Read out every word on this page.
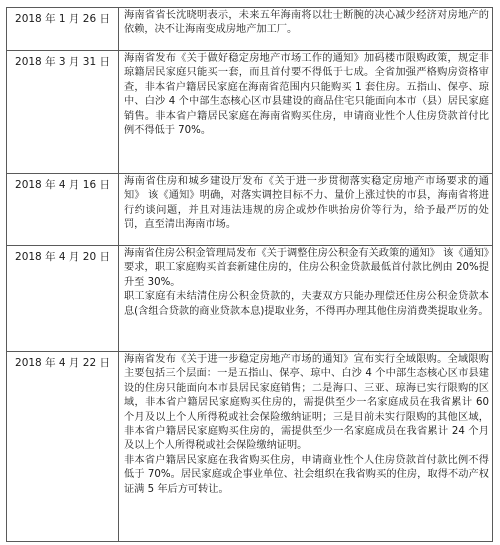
2018 年 1 月 26 日	海南省省长沈晓明表示，未来五年海南将以壮士断腕的决心减少经济对房地产的依赖，决不让海南变成房地产加工厂。

2018 年 3 月 31 日	海南省发布《关于做好稳定房地产市场工作的通知》加码楼市限购政策，规定非琼籍居民家庭只能买一套，而且首付要不得低于七成。全省加强严格购房资格审查，非本省户籍居民家庭在海南省范围内只能购买 1 套住房。五指山、保亭、琼中、白沙 4 个中部生态核心区市县建设的商品住宅只能面向本市（县）居民家庭销售。非本省户籍居民家庭在海南省购买住房，申请商业性个人住房贷款首付比例不得低于 70%。

2018 年 4 月 16 日	海南省住房和城乡建设厅发布《关于进一步贯彻落实稳定房地产市场要求的通知》 该《通知》明确，对落实调控目标不力、量价上涨过快的市县，海南省将进行约谈问题，并且对违法违规的房企或炒作哄抬房价等行为，给予最严厉的处罚，直至清出海南市场。

2018 年 4 月 20 日	海南省住房公积金管理局发布《关于调整住房公积金有关政策的通知》 该《通知》要求，职工家庭购买首套新建住房的，住房公积金贷款最低首付款比例由 20%提升至 30%。

职工家庭有未结清住房公积金贷款的，夫妻双方只能办理偿还住房公积金贷款本息(含组合贷款的商业贷款本息)提取业务，不得再办理其他住房消费类提取业务。

2018 年 4 月 22 日	海南省发布《关于进一步稳定房地产市场的通知》宣布实行全域限购。全域限购主要包括三个层面：一是五指山、保亭、琼中、白沙 4 个中部生态核心区市县建设的住房只能面向本市县居民家庭销售；二是海口、三亚、琼海已实行限购的区域，非本省户籍居民家庭购买住房的，需提供至少一名家庭成员在我省累计 60 个月及以上个人所得税或社会保险缴纳证明；三是目前未实行限购的其他区域，非本省户籍居民家庭购买住房的，需提供至少一名家庭成员在我省累计 24 个月及以上个人所得税或社会保险缴纳证明。

非本省户籍居民家庭在我省购买住房，申请商业性个人住房贷款首付款比例不得低于 70%。居民家庭或企事业单位、社会组织在我省购买的住房，取得不动产权证满 5 年后方可转让。
